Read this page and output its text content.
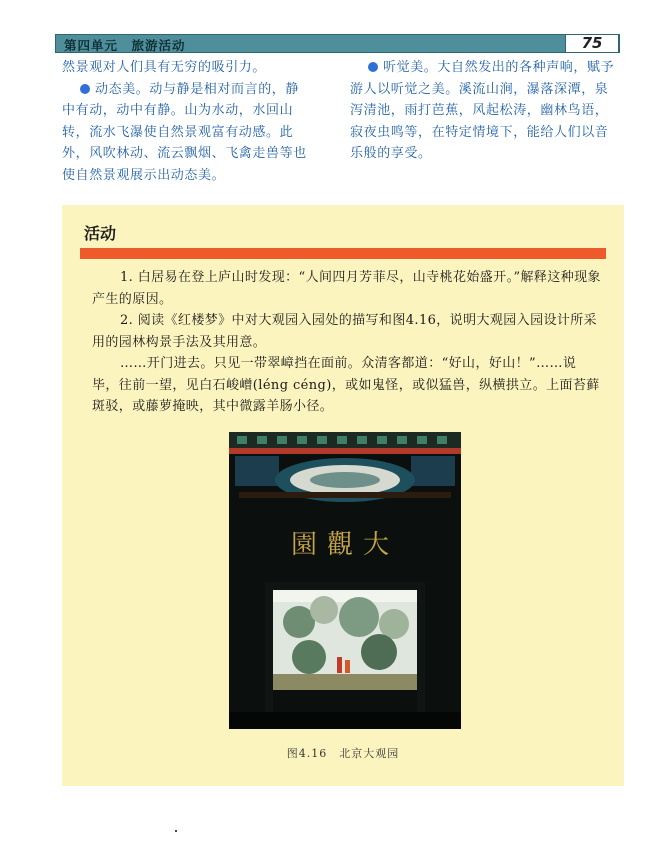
第四单元　旅游活动	75

然景观对人们具有无穷的吸引力。

动态美。动与静是相对而言的，静中有动，动中有静。山为水动，水回山转，流水飞瀑使自然景观富有动感。此外，风吹林动、流云飘烟、飞禽走兽等也使自然景观展示出动态美。

听觉美。大自然发出的各种声响，赋予游人以听觉之美。溪流山涧，瀑落深潭，泉泻清池，雨打芭蕉，风起松涛，幽林鸟语，寂夜虫鸣等，在特定情境下，能给人们以音乐般的享受。

活动

1. 白居易在登上庐山时发现：“人间四月芳菲尽，山寺桃花始盛开。”解释这种现象产生的原因。

2. 阅读《红楼梦》中对大观园入园处的描写和图4.16，说明大观园入园设计所采用的园林构景手法及其用意。

……开门进去。只见一带翠嶂挡在面前。众清客都道：“好山，好山！”……说毕，往前一望，见白石峻嶒(léng céng)，或如鬼怪，或似猛兽，纵横拱立。上面苔藓斑驳，或藤萝掩映，其中微露羊肠小径。

大觀園
图4.16　北京大观园
